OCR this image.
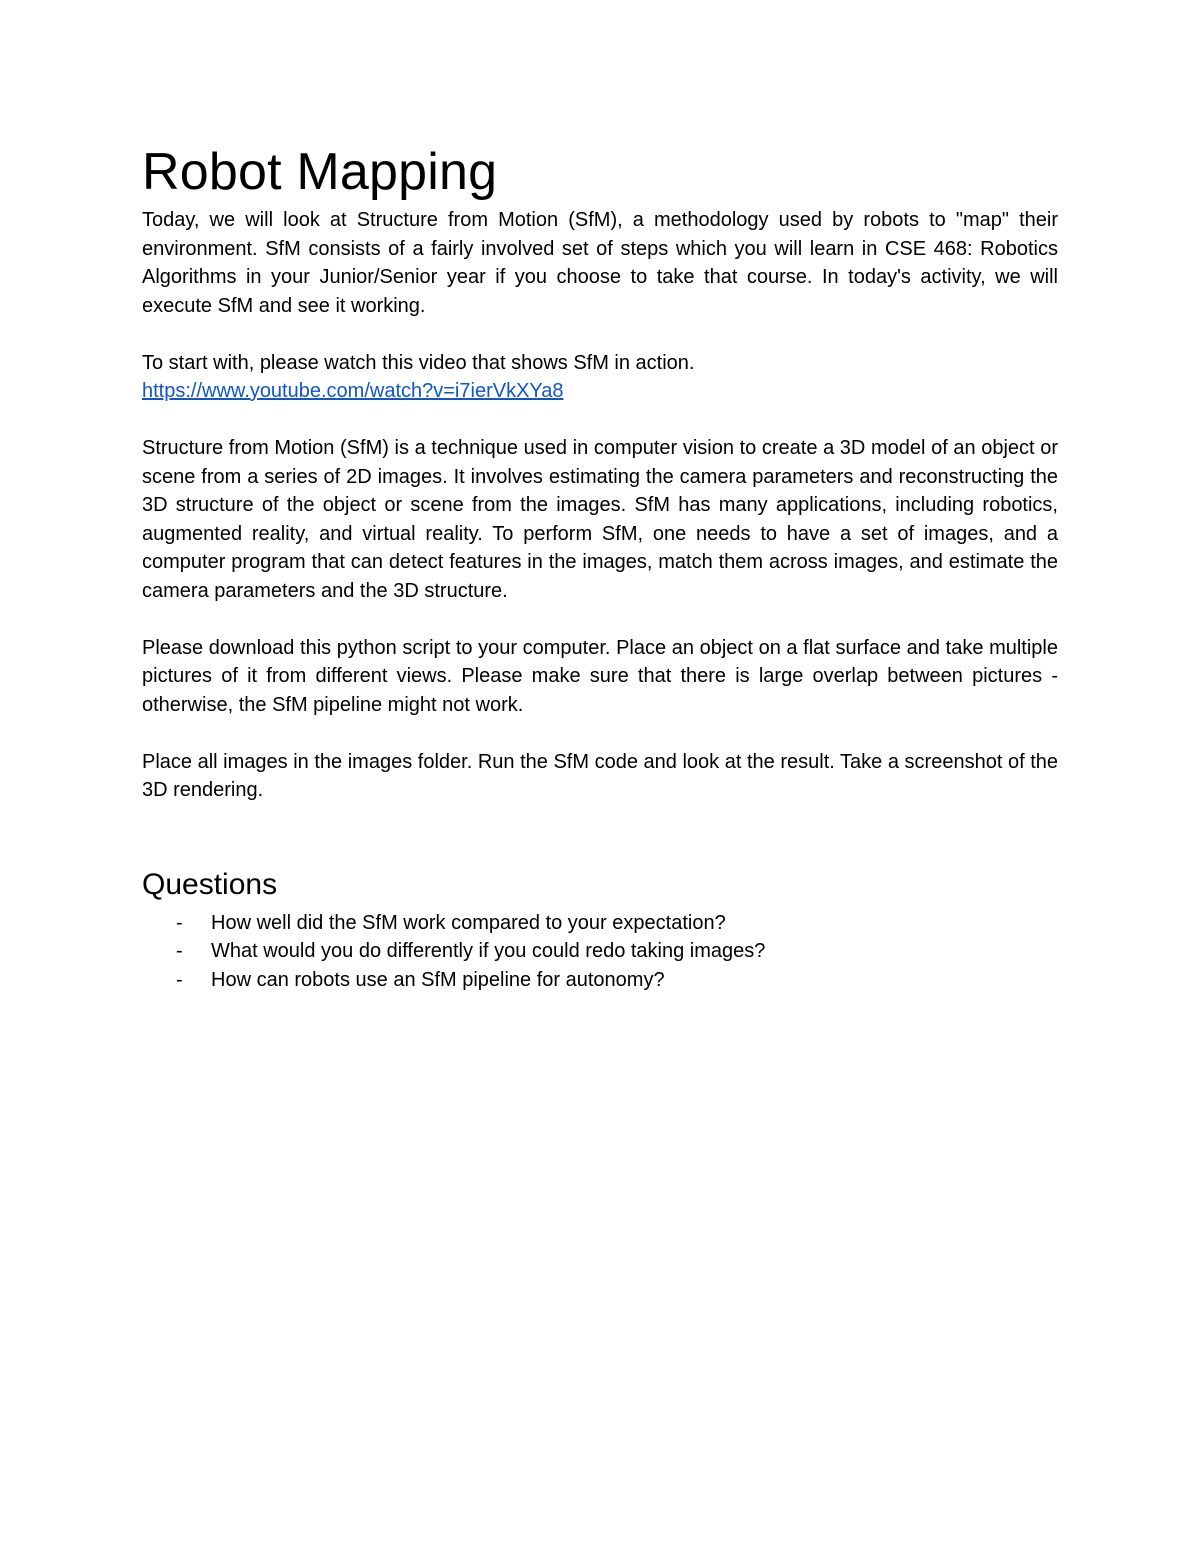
Robot Mapping

Today, we will look at Structure from Motion (SfM), a methodology used by robots to "map" their environment. SfM consists of a fairly involved set of steps which you will learn in CSE 468: Robotics Algorithms in your Junior/Senior year if you choose to take that course. In today's activity, we will execute SfM and see it working.

To start with, please watch this video that shows SfM in action.

https://www.youtube.com/watch?v=i7ierVkXYa8

Structure from Motion (SfM) is a technique used in computer vision to create a 3D model of an object or scene from a series of 2D images. It involves estimating the camera parameters and reconstructing the 3D structure of the object or scene from the images. SfM has many applications, including robotics, augmented reality, and virtual reality. To perform SfM, one needs to have a set of images, and a computer program that can detect features in the images, match them across images, and estimate the camera parameters and the 3D structure.

Please download this python script to your computer. Place an object on a flat surface and take multiple pictures of it from different views. Please make sure that there is large overlap between pictures - otherwise, the SfM pipeline might not work.

Place all images in the images folder. Run the SfM code and look at the result. Take a screenshot of the 3D rendering.

Questions
- How well did the SfM work compared to your expectation?
- What would you do differently if you could redo taking images?
- How can robots use an SfM pipeline for autonomy?
